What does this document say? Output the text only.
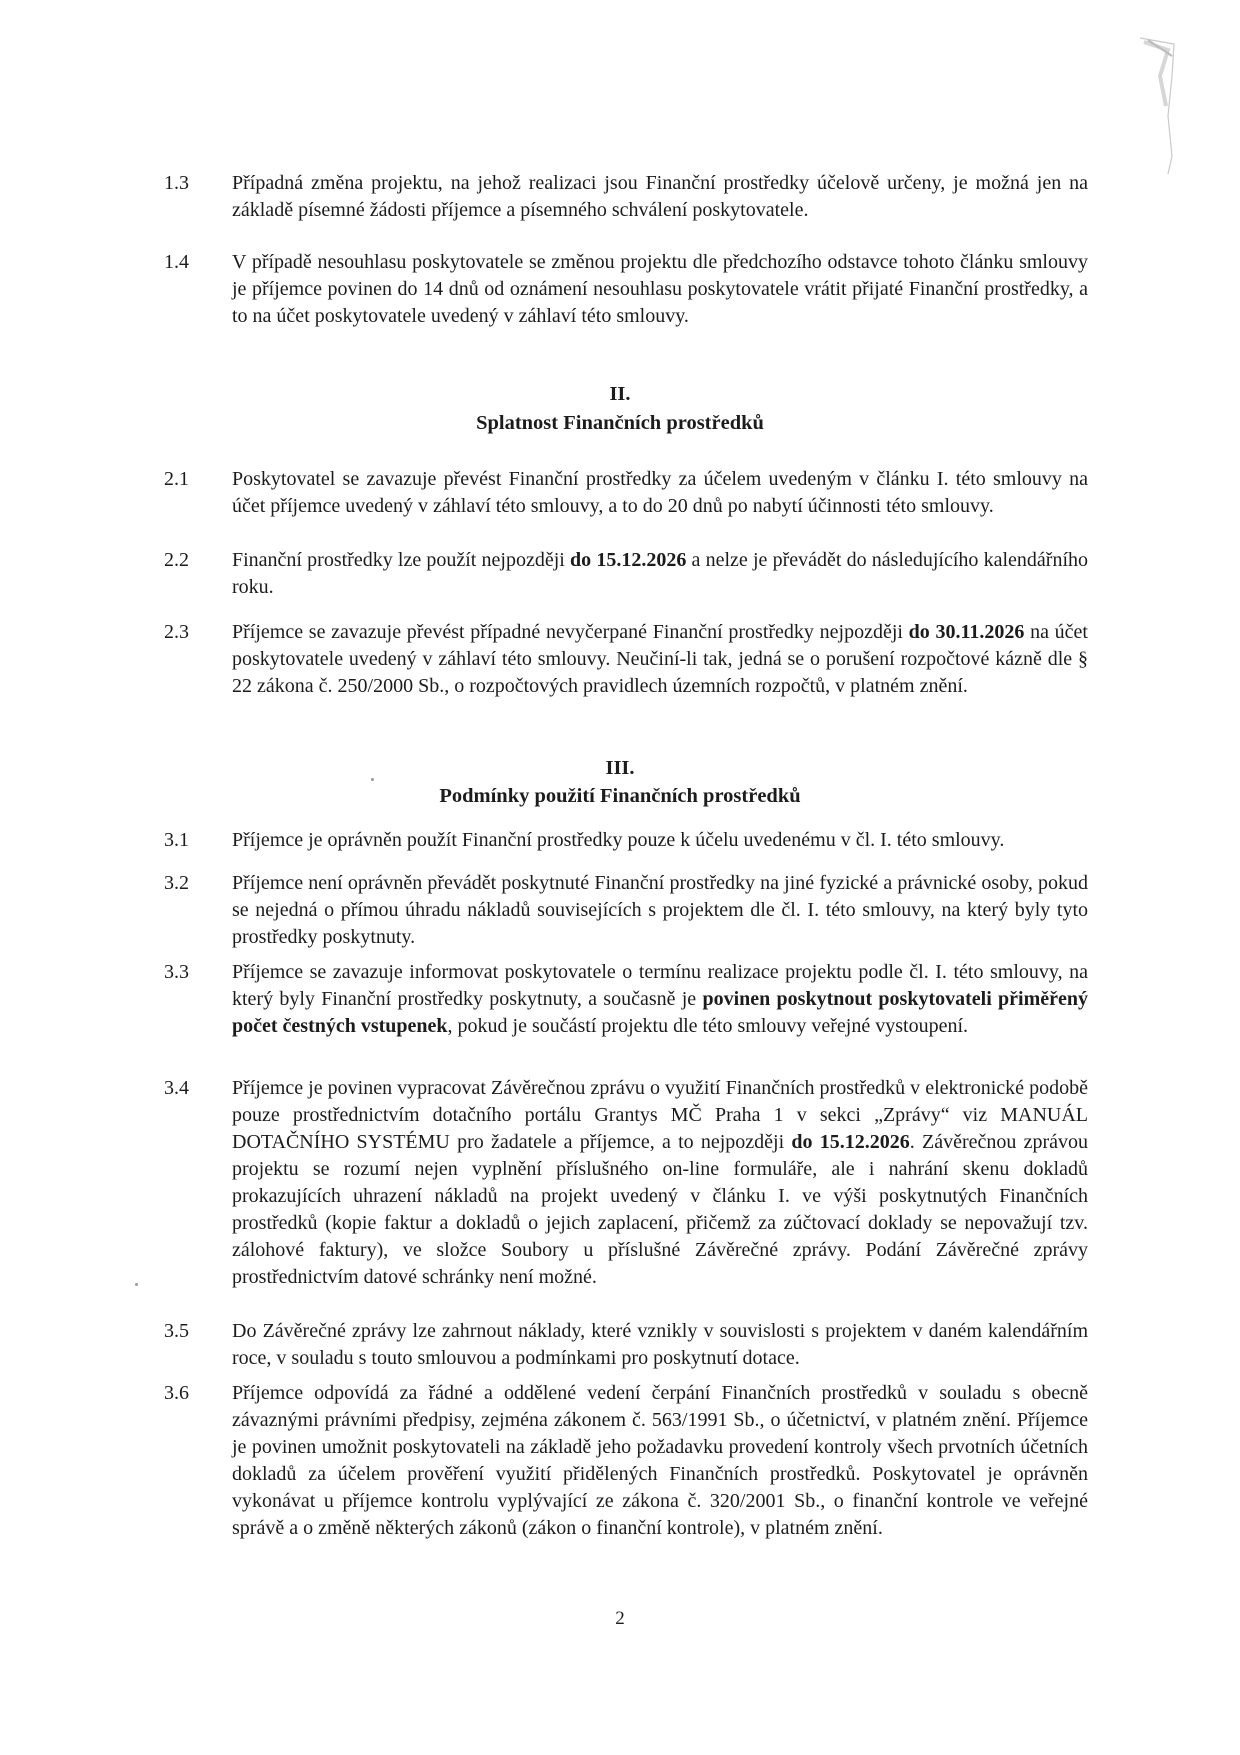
1.3	Případná změna projektu, na jehož realizaci jsou Finanční prostředky účelově určeny, je možná jen na základě písemné žádosti příjemce a písemného schválení poskytovatele.
1.4	V případě nesouhlasu poskytovatele se změnou projektu dle předchozího odstavce tohoto článku smlouvy je příjemce povinen do 14 dnů od oznámení nesouhlasu poskytovatele vrátit přijaté Finanční prostředky, a to na účet poskytovatele uvedený v záhlaví této smlouvy.
II.
Splatnost Finančních prostředků
2.1	Poskytovatel se zavazuje převést Finanční prostředky za účelem uvedeným v článku I. této smlouvy na účet příjemce uvedený v záhlaví této smlouvy, a to do 20 dnů po nabytí účinnosti této smlouvy.
2.2	Finanční prostředky lze použít nejpozději do 15.12.2026 a nelze je převádět do následujícího kalendářního roku.
2.3	Příjemce se zavazuje převést případné nevyčerpané Finanční prostředky nejpozději do 30.11.2026 na účet poskytovatele uvedený v záhlaví této smlouvy. Neučiní-li tak, jedná se o porušení rozpočtové kázně dle § 22 zákona č. 250/2000 Sb., o rozpočtových pravidlech územních rozpočtů, v platném znění.
III.
Podmínky použití Finančních prostředků
3.1	Příjemce je oprávněn použít Finanční prostředky pouze k účelu uvedenému v čl. I. této smlouvy.
3.2	Příjemce není oprávněn převádět poskytnuté Finanční prostředky na jiné fyzické a právnické osoby, pokud se nejedná o přímou úhradu nákladů souvisejících s projektem dle čl. I. této smlouvy, na který byly tyto prostředky poskytnuty.
3.3	Příjemce se zavazuje informovat poskytovatele o termínu realizace projektu podle čl. I. této smlouvy, na který byly Finanční prostředky poskytnuty, a současně je povinen poskytnout poskytovateli přiměřený počet čestných vstupenek, pokud je součástí projektu dle této smlouvy veřejné vystoupení.
3.4	Příjemce je povinen vypracovat Závěrečnou zprávu o využití Finančních prostředků v elektronické podobě pouze prostřednictvím dotačního portálu Grantys MČ Praha 1 v sekci „Zprávy“ viz MANUÁL DOTAČNÍHO SYSTÉMU pro žadatele a příjemce, a to nejpozději do 15.12.2026. Závěrečnou zprávou projektu se rozumí nejen vyplnění příslušného on-line formuláře, ale i nahrání skenu dokladů prokazujících uhrazení nákladů na projekt uvedený v článku I. ve výši poskytnutých Finančních prostředků (kopie faktur a dokladů o jejich zaplacení, přičemž za zúčtovací doklady se nepovažují tzv. zálohové faktury), ve složce Soubory u příslušné Závěrečné zprávy. Podání Závěrečné zprávy prostřednictvím datové schránky není možné.
3.5	Do Závěrečné zprávy lze zahrnout náklady, které vznikly v souvislosti s projektem v daném kalendářním roce, v souladu s touto smlouvou a podmínkami pro poskytnutí dotace.
3.6	Příjemce odpovídá za řádné a oddělené vedení čerpání Finančních prostředků v souladu s obecně závaznými právními předpisy, zejména zákonem č. 563/1991 Sb., o účetnictví, v platném znění. Příjemce je povinen umožnit poskytovateli na základě jeho požadavku provedení kontroly všech prvotních účetních dokladů za účelem prověření využití přidělených Finančních prostředků. Poskytovatel je oprávněn vykonávat u příjemce kontrolu vyplývající ze zákona č. 320/2001 Sb., o finanční kontrole ve veřejné správě a o změně některých zákonů (zákon o finanční kontrole), v platném znění.
2
